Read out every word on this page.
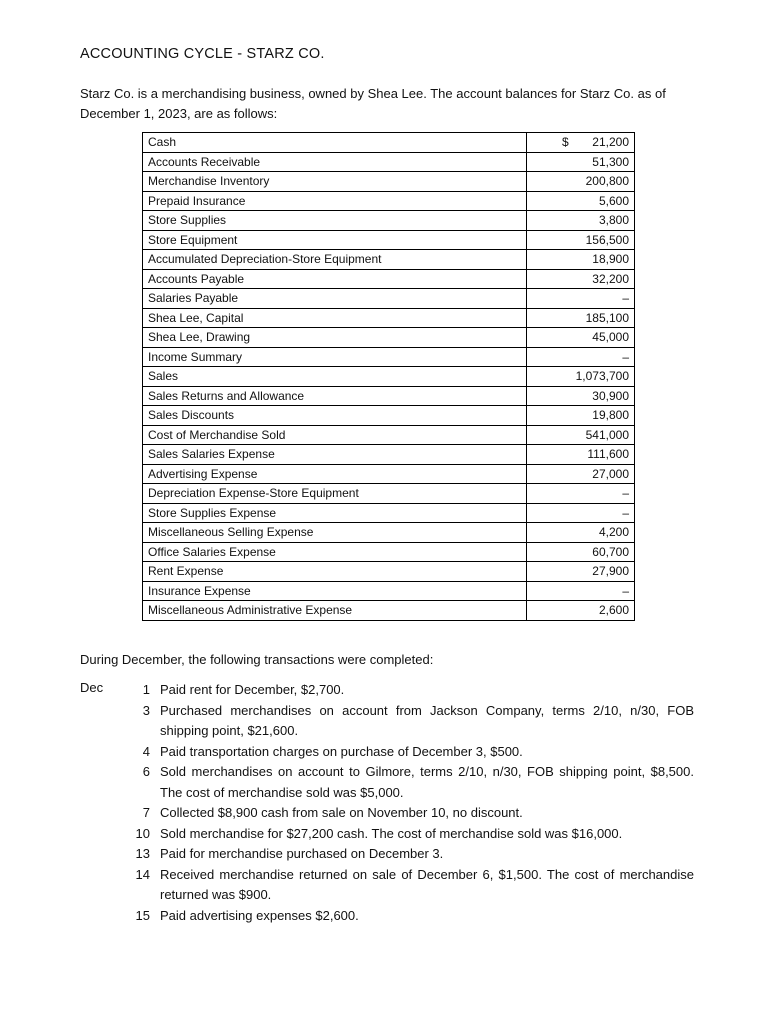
ACCOUNTING CYCLE - STARZ CO.
Starz Co. is a merchandising business, owned by Shea Lee. The account balances for Starz Co. as of December 1, 2023, are as follows:
Cash	$ 21,200

Accounts Receivable	51,300

Merchandise Inventory	200,800

Prepaid Insurance	5,600

Store Supplies	3,800

Store Equipment	156,500

Accumulated Depreciation-Store Equipment	18,900

Accounts Payable	32,200

Salaries Payable	–

Shea Lee, Capital	185,100

Shea Lee, Drawing	45,000

Income Summary	–

Sales	1,073,700

Sales Returns and Allowance	30,900

Sales Discounts	19,800

Cost of Merchandise Sold	541,000

Sales Salaries Expense	111,600

Advertising Expense	27,000

Depreciation Expense-Store Equipment	–

Store Supplies Expense	–

Miscellaneous Selling Expense	4,200

Office Salaries Expense	60,700

Rent Expense	27,900

Insurance Expense	–

Miscellaneous Administrative Expense	2,600
During December, the following transactions were completed:
Dec	1 Paid rent for December, $2,700.
3 Purchased merchandises on account from Jackson Company, terms 2/10, n/30, FOB shipping point, $21,600.
4 Paid transportation charges on purchase of December 3, $500.
6 Sold merchandises on account to Gilmore, terms 2/10, n/30, FOB shipping point, $8,500. The cost of merchandise sold was $5,000.
7 Collected $8,900 cash from sale on November 10, no discount.
10 Sold merchandise for $27,200 cash. The cost of merchandise sold was $16,000.
13 Paid for merchandise purchased on December 3.
14 Received merchandise returned on sale of December 6, $1,500. The cost of merchandise returned was $900.
15 Paid advertising expenses $2,600.
